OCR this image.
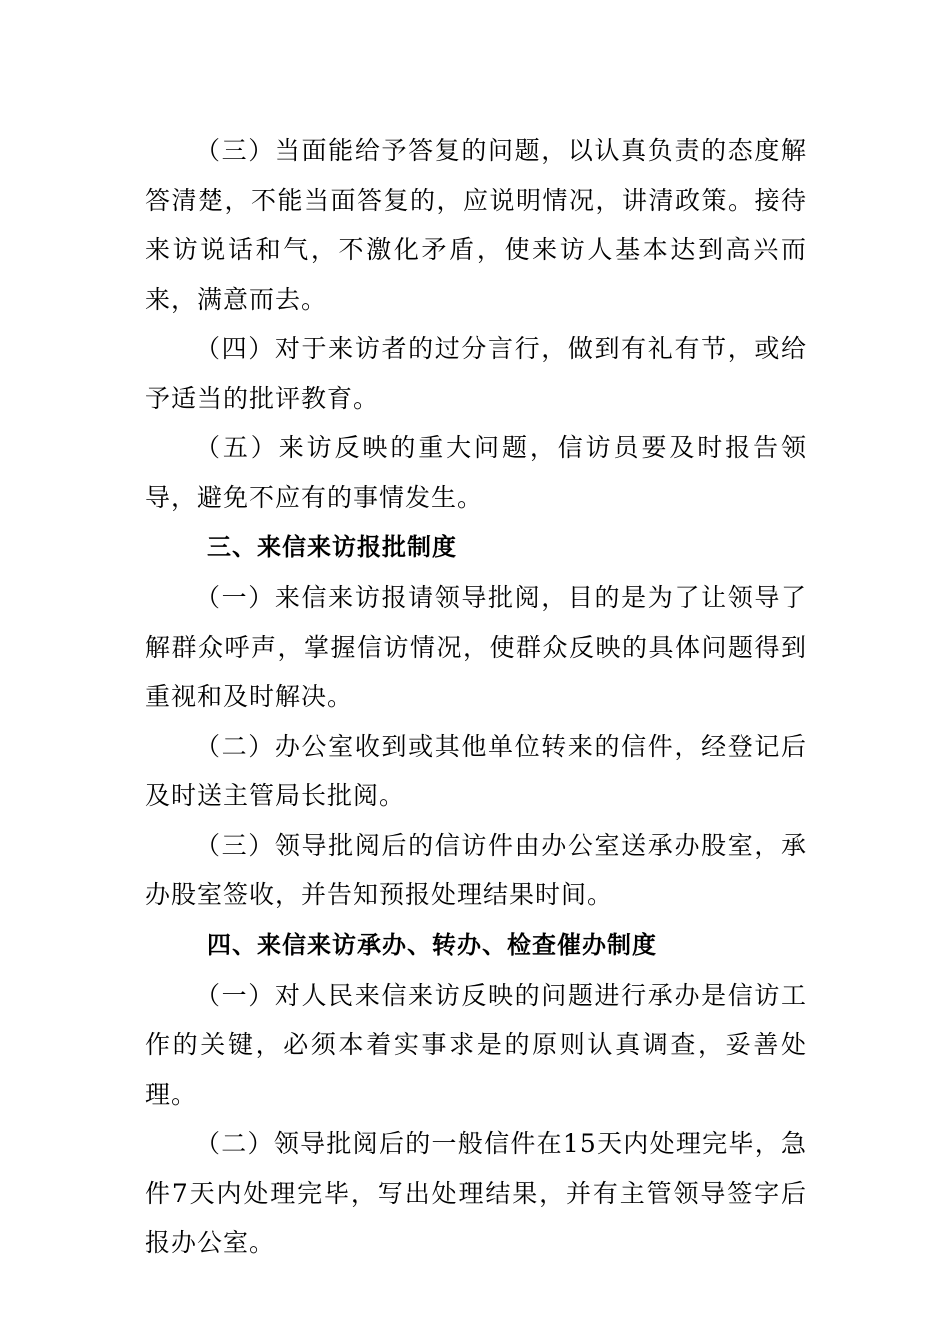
（三）当面能给予答复的问题，以认真负责的态度解答清楚，不能当面答复的，应说明情况，讲清政策。接待来访说话和气，不激化矛盾，使来访人基本达到高兴而来，满意而去。

（四）对于来访者的过分言行，做到有礼有节，或给予适当的批评教育。

（五）来访反映的重大问题，信访员要及时报告领导，避免不应有的事情发生。

三、来信来访报批制度

（一）来信来访报请领导批阅，目的是为了让领导了解群众呼声，掌握信访情况，使群众反映的具体问题得到重视和及时解决。

（二）办公室收到或其他单位转来的信件，经登记后及时送主管局长批阅。

（三）领导批阅后的信访件由办公室送承办股室，承办股室签收，并告知预报处理结果时间。

四、来信来访承办、转办、检查催办制度

（一）对人民来信来访反映的问题进行承办是信访工作的关键，必须本着实事求是的原则认真调查，妥善处理。

（二）领导批阅后的一般信件在15天内处理完毕，急件7天内处理完毕，写出处理结果，并有主管领导签字后报办公室。
